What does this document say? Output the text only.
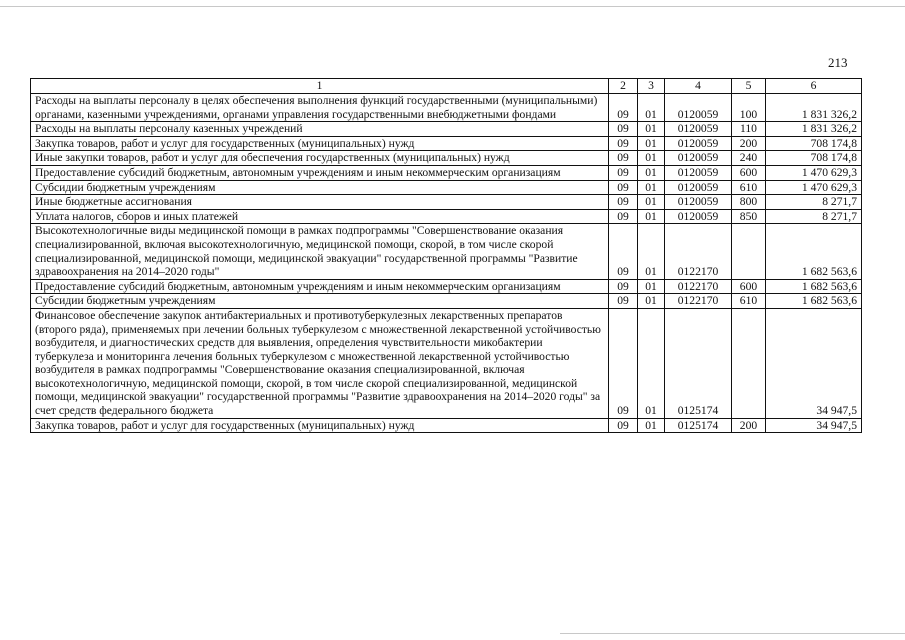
213
1	2	3	4	5	6
Расходы на выплаты персоналу в целях обеспечения выполнения функций государственными (муниципальными) органами, казенными учреждениями, органами управления государственными внебюджетными фондами	09	01	0120059	100	1 831 326,2
Расходы на выплаты персоналу казенных учреждений	09	01	0120059	110	1 831 326,2
Закупка товаров, работ и услуг для государственных (муниципальных) нужд	09	01	0120059	200	708 174,8
Иные закупки товаров, работ и услуг для обеспечения государственных (муниципальных) нужд	09	01	0120059	240	708 174,8
Предоставление субсидий бюджетным, автономным учреждениям и иным некоммерческим организациям	09	01	0120059	600	1 470 629,3
Субсидии бюджетным учреждениям	09	01	0120059	610	1 470 629,3
Иные бюджетные ассигнования	09	01	0120059	800	8 271,7
Уплата налогов, сборов и иных платежей	09	01	0120059	850	8 271,7
Высокотехнологичные виды медицинской помощи в рамках подпрограммы "Совершенствование оказания специализированной, включая высокотехнологичную, медицинской помощи, скорой, в том числе скорой специализированной, медицинской помощи, медицинской эвакуации" государственной программы "Развитие здравоохранения на 2014–2020 годы"	09	01	0122170		1 682 563,6
Предоставление субсидий бюджетным, автономным учреждениям и иным некоммерческим организациям	09	01	0122170	600	1 682 563,6
Субсидии бюджетным учреждениям	09	01	0122170	610	1 682 563,6
Финансовое обеспечение закупок антибактериальных и противотуберкулезных лекарственных препаратов (второго ряда), применяемых при лечении больных туберкулезом с множественной лекарственной устойчивостью возбудителя, и диагностических средств для выявления, определения чувствительности микобактерии туберкулеза и мониторинга лечения больных туберкулезом с множественной лекарственной устойчивостью возбудителя в рамках подпрограммы "Совершенствование оказания специализированной, включая высокотехнологичную, медицинской помощи, скорой, в том числе скорой специализированной, медицинской помощи, медицинской эвакуации" государственной программы "Развитие здравоохранения на 2014–2020 годы" за счет средств федерального бюджета	09	01	0125174		34 947,5
Закупка товаров, работ и услуг для государственных (муниципальных) нужд	09	01	0125174	200	34 947,5
